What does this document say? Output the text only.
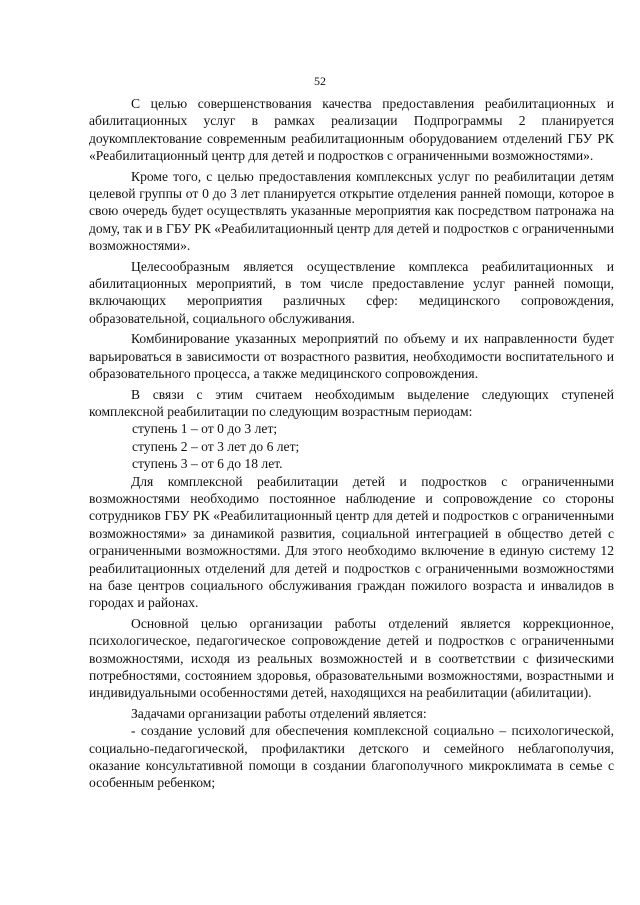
52

С целью совершенствования качества предоставления реабилитационных и абилитационных услуг в рамках реализации Подпрограммы 2 планируется доукомплектование современным реабилитационным оборудованием отделений ГБУ РК «Реабилитационный центр для детей и подростков с ограниченными возможностями».

Кроме того, с целью предоставления комплексных услуг по реабилитации детям целевой группы от 0 до 3 лет планируется открытие отделения ранней помощи, которое в свою очередь будет осуществлять указанные мероприятия как посредством патронажа на дому, так и в ГБУ РК «Реабилитационный центр для детей и подростков с ограниченными возможностями».

Целесообразным является осуществление комплекса реабилитационных и абилитационных мероприятий, в том числе предоставление услуг ранней помощи, включающих мероприятия различных сфер: медицинского сопровождения, образовательной, социального обслуживания.

Комбинирование указанных мероприятий по объему и их направленности будет варьироваться в зависимости от возрастного развития, необходимости воспитательного и образовательного процесса, а также медицинского сопровождения.

В связи с этим считаем необходимым выделение следующих ступеней комплексной реабилитации по следующим возрастным периодам:

ступень 1 – от 0 до 3 лет;

ступень 2 – от 3 лет до 6 лет;

ступень 3 – от 6 до 18 лет.

Для комплексной реабилитации детей и подростков с ограниченными возможностями необходимо постоянное наблюдение и сопровождение со стороны сотрудников ГБУ РК «Реабилитационный центр для детей и подростков с ограниченными возможностями» за динамикой развития, социальной интеграцией в общество детей с ограниченными возможностями. Для этого необходимо включение в единую систему 12 реабилитационных отделений для детей и подростков с ограниченными возможностями на базе центров социального обслуживания граждан пожилого возраста и инвалидов в городах и районах.

Основной целью организации работы отделений является коррекционное, психологическое, педагогическое сопровождение детей и подростков с ограниченными возможностями, исходя из реальных возможностей и в соответствии с физическими потребностями, состоянием здоровья, образовательными возможностями, возрастными и индивидуальными особенностями детей, находящихся на реабилитации (абилитации).

Задачами организации работы отделений является:

- создание условий для обеспечения комплексной социально – психологической, социально-педагогической, профилактики детского и семейного неблагополучия, оказание консультативной помощи в создании благополучного микроклимата в семье с особенным ребенком;
